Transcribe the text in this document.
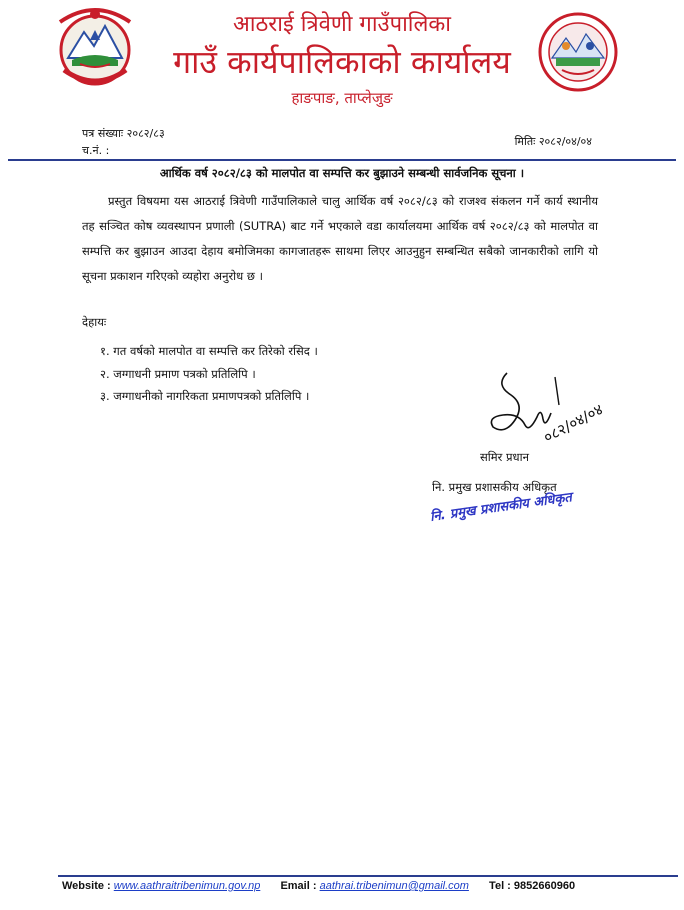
आठराई त्रिवेणी गाउँपालिका
गाउँ कार्यपालिकाको कार्यालय
हाङपाङ, ताप्लेजुङ
पत्र संख्याः २०८२/८३
च.नं. :
मितिः २०८२/०४/०४
आर्थिक वर्ष २०८२/८३ को मालपोत वा सम्पत्ति कर बुझाउने सम्बन्धी सार्वजनिक सूचना ।

प्रस्तुत विषयमा यस आठराई त्रिवेणी गाउँपालिकाले चालु आर्थिक वर्ष २०८२/८३ को राजश्व संकलन गर्ने कार्य स्थानीय तह सञ्चित कोष व्यवस्थापन प्रणाली (SUTRA) बाट गर्ने भएकाले वडा कार्यालयमा आर्थिक वर्ष २०८२/८३ को मालपोत वा सम्पत्ति कर बुझाउन आउदा देहाय बमोजिमका कागजातहरू साथमा लिएर आउनुहुन सम्बन्धित सबैको जानकारीको लागि यो सूचना प्रकाशन गरिएको व्यहोरा अनुरोध छ ।

देहायः
१. गत वर्षको मालपोत वा सम्पत्ति कर तिरेको रसिद ।
२. जग्गाधनी प्रमाण पत्रको प्रतिलिपि ।
३. जग्गाधनीको नागरिकता प्रमाणपत्रको प्रतिलिपि ।
०८२/०४/०४
समिर प्रधान
नि. प्रमुख प्रशासकीय अधिकृत
नि. प्रमुख प्रशासकीय अधिकृत
Website : www.aathraitribenimun.gov.np Email : aathrai.tribenimun@gmail.com Tel : 9852660960
